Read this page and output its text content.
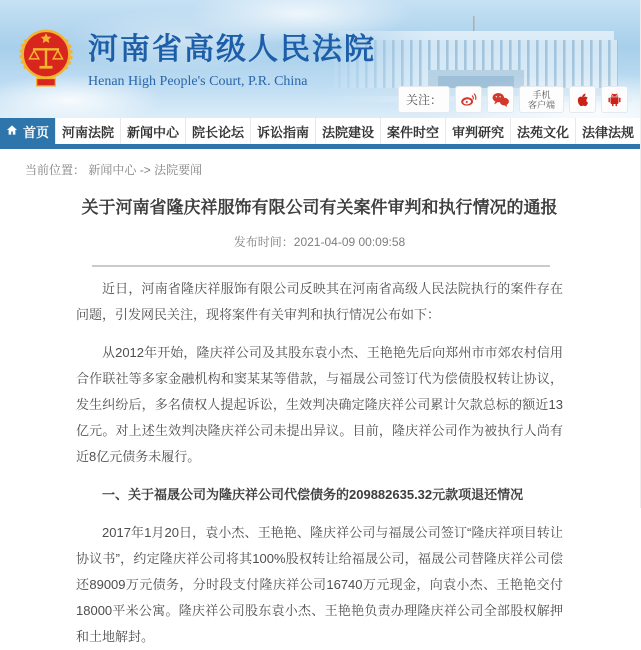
河南省高级人民法院
Henan High People's Court, P.R. China
关注：	手机
客户端
首页 河南法院 新闻中心 院长论坛 诉讼指南 法院建设 案件时空 审判研究 法苑文化 法律法规
当前位置： 新闻中心 -> 法院要闻
关于河南省隆庆祥服饰有限公司有关案件审判和执行情况的通报
发布时间：2021-04-09 00:09:58

近日，河南省隆庆祥服饰有限公司反映其在河南省高级人民法院执行的案件存在问题，引发网民关注，现将案件有关审判和执行情况公布如下：

从2012年开始，隆庆祥公司及其股东袁小杰、王艳艳先后向郑州市市郊农村信用合作联社等多家金融机构和窦某某等借款，与福晟公司签订代为偿债股权转让协议，发生纠纷后，多名债权人提起诉讼，生效判决确定隆庆祥公司累计欠款总标的额近13亿元。对上述生效判决隆庆祥公司未提出异议。目前，隆庆祥公司作为被执行人尚有近8亿元债务未履行。

一、关于福晟公司为隆庆祥公司代偿债务的209882635.32元款项退还情况

2017年1月20日，袁小杰、王艳艳、隆庆祥公司与福晟公司签订“隆庆祥项目转让协议书”，约定隆庆祥公司将其100%股权转让给福晟公司，福晟公司替隆庆祥公司偿还89009万元债务，分时段支付隆庆祥公司16740万元现金，向袁小杰、王艳艳交付18000平米公寓。隆庆祥公司股东袁小杰、王艳艳负责办理隆庆祥公司全部股权解押和土地解封。
